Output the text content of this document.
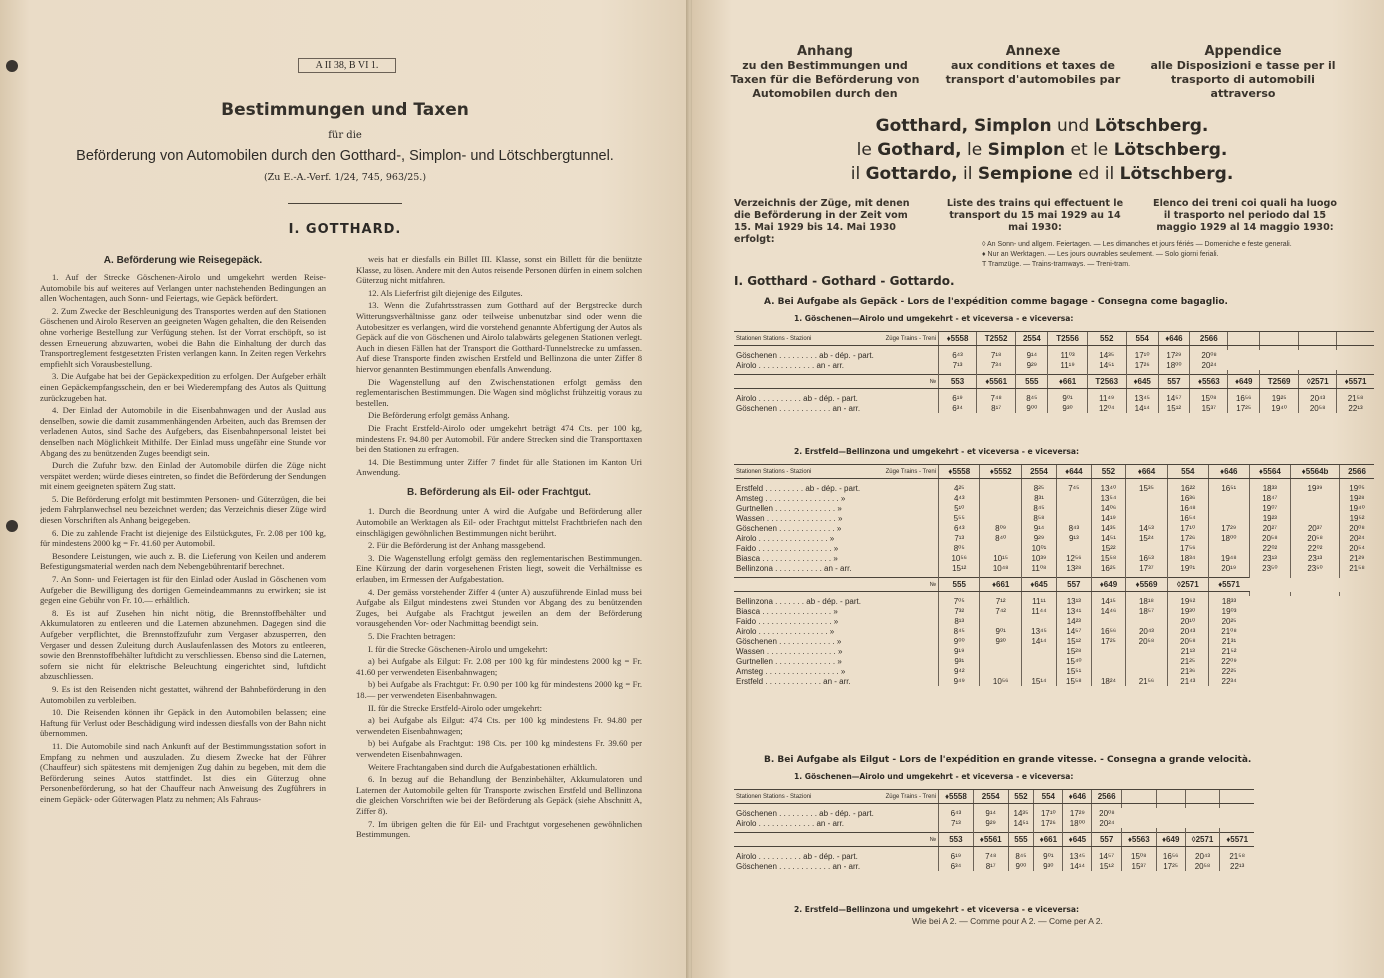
A II 38, B VI 1.
Bestimmungen und Taxen
für die
Beförderung von Automobilen durch den Gotthard-, Simplon- und Lötschbergtunnel.
(Zu E.-A.-Verf. 1/24, 745, 963/25.)
I. GOTTHARD.
A. Beförderung wie Reisegepäck.

1. Auf der Strecke Göschenen-Airolo und umgekehrt werden Reise-Automobile bis auf weiteres auf Verlangen unter nachstehenden Bedingungen an allen Wochentagen, auch Sonn- und Feiertags, wie Gepäck befördert.

2. Zum Zwecke der Beschleunigung des Transportes werden auf den Stationen Göschenen und Airolo Reserven an geeigneten Wagen gehalten, die den Reisenden ohne vorherige Bestellung zur Verfügung stehen. Ist der Vorrat erschöpft, so ist dessen Erneuerung abzuwarten, wobei die Bahn die Einhaltung der durch das Transportreglement festgesetzten Fristen verlangen kann. In Zeiten regen Verkehrs empfiehlt sich Vorausbestellung.

3. Die Aufgabe hat bei der Gepäckexpedition zu erfolgen. Der Aufgeber erhält einen Gepäckempfangsschein, den er bei Wiederempfang des Autos als Quittung zurückzugeben hat.

4. Der Einlad der Automobile in die Eisenbahnwagen und der Auslad aus denselben, sowie die damit zusammenhängenden Arbeiten, auch das Bremsen der verladenen Autos, sind Sache des Aufgebers, das Eisenbahnpersonal leistet bei denselben nach Möglichkeit Mithilfe. Der Einlad muss ungefähr eine Stunde vor Abgang des zu benützenden Zuges beendigt sein.

Durch die Zufuhr bzw. den Einlad der Automobile dürfen die Züge nicht verspätet werden; würde dieses eintreten, so findet die Beförderung der Sendungen mit einem geeigneten spätern Zug statt.

5. Die Beförderung erfolgt mit bestimmten Personen- und Güterzügen, die bei jedem Fahrplanwechsel neu bezeichnet werden; das Verzeichnis dieser Züge wird diesen Vorschriften als Anhang beigegeben.

6. Die zu zahlende Fracht ist diejenige des Eilstückgutes, Fr. 2.08 per 100 kg, für mindestens 2000 kg = Fr. 41.60 per Automobil.

Besondere Leistungen, wie auch z. B. die Lieferung von Keilen und anderem Befestigungsmaterial werden nach dem Nebengebührentarif berechnet.

7. An Sonn- und Feiertagen ist für den Einlad oder Auslad in Göschenen vom Aufgeber die Bewilligung des dortigen Gemeindeammanns zu erwirken; sie ist gegen eine Gebühr von Fr. 10.— erhältlich.

8. Es ist auf Zusehen hin nicht nötig, die Brennstoffbehälter und Akkumulatoren zu entleeren und die Laternen abzunehmen. Dagegen sind die Aufgeber verpflichtet, die Brennstoffzufuhr zum Vergaser abzusperren, den Vergaser und dessen Zuleitung durch Auslaufenlassen des Motors zu entleeren, sowie den Brennstoffbehälter luftdicht zu verschliessen. Ebenso sind die Laternen, sofern sie nicht für elektrische Beleuchtung eingerichtet sind, luftdicht abzuschliessen.

9. Es ist den Reisenden nicht gestattet, während der Bahnbeförderung in den Automobilen zu verbleiben.

10. Die Reisenden können ihr Gepäck in den Automobilen belassen; eine Haftung für Verlust oder Beschädigung wird indessen diesfalls von der Bahn nicht übernommen.

11. Die Automobile sind nach Ankunft auf der Bestimmungsstation sofort in Empfang zu nehmen und auszuladen. Zu diesem Zwecke hat der Führer (Chauffeur) sich spätestens mit demjenigen Zug dahin zu begeben, mit dem die Beförderung seines Autos stattfindet. Ist dies ein Güterzug ohne Personenbeförderung, so hat der Chauffeur nach Anweisung des Zugführers in einem Gepäck- oder Güterwagen Platz zu nehmen; Als Fahraus-

weis hat er diesfalls ein Billet III. Klasse, sonst ein Billett für die benützte Klasse, zu lösen. Andere mit den Autos reisende Personen dürfen in einem solchen Güterzug nicht mitfahren.

12. Als Lieferfrist gilt diejenige des Eilgutes.

13. Wenn die Zufahrtsstrassen zum Gotthard auf der Bergstrecke durch Witterungsverhältnisse ganz oder teilweise unbenutzbar sind oder wenn die Autobesitzer es verlangen, wird die vorstehend genannte Abfertigung der Autos als Gepäck auf die von Göschenen und Airolo talabwärts gelegenen Stationen verlegt. Auch in diesen Fällen hat der Transport die Gotthard-Tunnelstrecke zu umfassen. Auf diese Transporte finden zwischen Erstfeld und Bellinzona die unter Ziffer 8 hiervor genannten Bestimmungen ebenfalls Anwendung.

Die Wagenstellung auf den Zwischenstationen erfolgt gemäss den reglementarischen Bestimmungen. Die Wagen sind möglichst frühzeitig voraus zu bestellen.

Die Beförderung erfolgt gemäss Anhang.

Die Fracht Erstfeld-Airolo oder umgekehrt beträgt 474 Cts. per 100 kg, mindestens Fr. 94.80 per Automobil. Für andere Strecken sind die Transporttaxen bei den Stationen zu erfragen.

14. Die Bestimmung unter Ziffer 7 findet für alle Stationen im Kanton Uri Anwendung.

B. Beförderung als Eil- oder Frachtgut.

1. Durch die Beordnung unter A wird die Aufgabe und Beförderung aller Automobile an Werktagen als Eil- oder Frachtgut mittelst Frachtbriefen nach den einschlägigen gewöhnlichen Bestimmungen nicht berührt.

2. Für die Beförderung ist der Anhang massgebend.

3. Die Wagenstellung erfolgt gemäss den reglementarischen Bestimmungen. Eine Kürzung der darin vorgesehenen Fristen liegt, soweit die Verhältnisse es erlauben, im Ermessen der Aufgabestation.

4. Der gemäss vorstehender Ziffer 4 (unter A) auszuführende Einlad muss bei Aufgabe als Eilgut mindestens zwei Stunden vor Abgang des zu benützenden Zuges, bei Aufgabe als Frachtgut jeweilen an dem der Beförderung vorausgehenden Vor- oder Nachmittag beendigt sein.

5. Die Frachten betragen:

I. für die Strecke Göschenen-Airolo und umgekehrt:

a) bei Aufgabe als Eilgut: Fr. 2.08 per 100 kg für mindestens 2000 kg = Fr. 41.60 per verwendeten Eisenbahnwagen;

b) bei Aufgabe als Frachtgut: Fr. 0.90 per 100 kg für mindestens 2000 kg = Fr. 18.— per verwendeten Eisenbahnwagen.

II. für die Strecke Erstfeld-Airolo oder umgekehrt:

a) bei Aufgabe als Eilgut: 474 Cts. per 100 kg mindestens Fr. 94.80 per verwendeten Eisenbahnwagen;

b) bei Aufgabe als Frachtgut: 198 Cts. per 100 kg mindestens Fr. 39.60 per verwendeten Eisenbahnwagen.

Weitere Frachtangaben sind durch die Aufgabestationen erhältlich.

6. In bezug auf die Behandlung der Benzinbehälter, Akkumulatoren und Laternen der Automobile gelten für Transporte zwischen Erstfeld und Bellinzona die gleichen Vorschriften wie bei der Beförderung als Gepäck (siehe Abschnitt A, Ziffer 8).

7. Im übrigen gelten die für Eil- und Frachtgut vorgesehenen gewöhnlichen Bestimmungen.

Anhang
zu den Bestimmungen und Taxen für die Beförderung von Automobilen durch den
Annexe
aux conditions et taxes de transport d'automobiles par
Appendice
alle Disposizioni e tasse per il trasporto di automobili attraverso
Gotthard, Simplon und Lötschberg.
le Gothard, le Simplon et le Lötschberg.
il Gottardo, il Sempione ed il Lötschberg.
Verzeichnis der Züge, mit denen die Beförderung in der Zeit vom 15. Mai 1929 bis 14. Mai 1930 erfolgt:
Liste des trains qui effectuent le transport du 15 mai 1929 au 14 mai 1930:
Elenco dei treni coi quali ha luogo il trasporto nel periodo dal 15 maggio 1929 al 14 maggio 1930:
◊ An Sonn- und allgem. Feiertagen. — Les dimanches et jours fériés — Domeniche e feste generali.
♦ Nur an Werktagen. — Les jours ouvrables seulement. — Solo giorni feriali.
T Tramzüge. — Trains-tramways. — Treni-tram.
I. Gotthard - Gothard - Gottardo.
A. Bei Aufgabe als Gepäck - Lors de l'expédition comme bagage - Consegna come bagaglio.
1. Göschenen—Airolo und umgekehrt - et viceversa - e viceversa:
Züge Trains - Treni
Stationen Stations - Stazioni	♦5558	T2552	2554	T2556	552	554	♦646	2566				

Göschenen . . . . . . . . . ab - dép. - part.	6⁴³	7¹⁸	9¹⁴	11⁰³	14³⁵	17¹⁰	17²⁹	20⁰⁸				
Airolo . . . . . . . . . . . . . an - arr.	7¹³	7³⁴	9²⁹	11¹⁹	14⁵¹	17²⁶	18⁰⁰	20²⁴				

№	553	♦5561	555	♦661	T2563	♦645	557	♦5563	♦649	T2569	◊2571	♦5571

Airolo . . . . . . . . . . ab - dép. - part.	6¹⁹	7⁴⁸	8⁴⁵	9⁰¹	11⁴⁹	13⁴⁵	14⁵⁷	15⁰⁸	16⁵⁶	19²⁵	20⁴³	21⁵⁸
Göschenen . . . . . . . . . . . . an - arr.	6³⁴	8¹⁷	9⁰⁰	9³⁰	12⁰⁴	14¹⁴	15¹²	15³⁷	17²⁵	19⁴⁰	20⁵⁸	22¹³
2. Erstfeld—Bellinzona und umgekehrt - et viceversa - e viceversa:
Züge Trains - Treni
Stationen Stations - Stazioni	♦5558	♦5552	2554	♦644	552	♦664	554	♦646	♦5564	♦5564b	2566

Erstfeld . . . . . . . . . ab - dép. - part.	4²⁵		8²⁵	7⁴⁵	13⁴⁰	15³⁵	16²²	16⁵¹	18³³	19³⁹	19⁰⁵
Amsteg . . . . . . . . . . . . . . . . . »	4⁴³		8³¹		13⁵⁴		16³⁶		18⁴⁷		19²⁸
Gurtnellen . . . . . . . . . . . . . . »	5¹⁰		8⁴⁵		14⁰⁶		16⁴⁸		19⁰⁷		19⁴⁰
Wassen . . . . . . . . . . . . . . . . »	5⁵⁵		8⁵⁸		14¹⁹		16⁵⁴		19²³		19⁵²
Göschenen . . . . . . . . . . . . . »	6⁴³	8⁰⁹	9¹⁴	8⁴³	14³⁵	14⁵³	17¹⁰	17²⁹	20²⁷	20³⁷	20⁰⁸
Airolo . . . . . . . . . . . . . . . . »	7¹³	8⁴⁰	9²⁹	9¹³	14⁵¹	15²⁴	17²⁶	18⁰⁰	20⁵⁸	20⁵⁸	20²⁴
Faido . . . . . . . . . . . . . . . . . »	8⁰⁵		10⁰¹		15²²		17⁵⁶		22⁰²	22⁰²	20⁵⁴
Biasca . . . . . . . . . . . . . . . . »	10⁵⁶	10¹⁵	10³⁹	12⁵⁶	15⁵⁸	16⁵³	18³⁴	19⁴⁸	23¹³	23¹³	21²⁹
Bellinzona . . . . . . . . . . . an - arr.	15¹²	10⁴⁸	11⁰⁸	13²⁸	16²⁵	17³⁷	19⁰¹	20¹⁹	23⁵⁰	23⁵⁰	21⁵⁸

№	555	♦661	♦645	557	♦649	♦5569	◊2571	♦5571			

Bellinzona . . . . . . . ab - dép. - part.	7⁰⁵	7¹²	11¹¹	13¹³	14¹⁵	18¹⁸	19⁶²	18³³			
Biasca . . . . . . . . . . . . . . . . »	7³²	7⁴²	11⁴⁴	13⁴¹	14⁴⁶	18⁵⁷	19³⁰	19⁰³			
Faido . . . . . . . . . . . . . . . . . »	8¹³			14²³			20¹⁰	20²⁵			
Airolo . . . . . . . . . . . . . . . . »	8⁴⁵	9⁰¹	13⁴⁵	14⁵⁷	16⁵⁶	20⁴³	20⁴³	21⁰⁸			
Göschenen . . . . . . . . . . . . . »	9⁰⁰	9³⁰	14¹⁴	15¹²	17²⁵	20⁵⁸	20⁵⁸	21³¹			
Wassen . . . . . . . . . . . . . . . . »	9¹⁹			15²⁸			21¹³	21⁵²			
Gurtnellen . . . . . . . . . . . . . . »	9³¹			15⁴⁰			21²⁵	22⁰⁹			
Amsteg . . . . . . . . . . . . . . . . . »	9⁴²			15⁵¹			21³⁶	22²⁵			
Erstfeld . . . . . . . . . . . . . an - arr.	9⁴⁹	10⁵⁶	15¹⁴	15⁵⁸	18²⁴	21⁵⁶	21⁴³	22³⁴			
B. Bei Aufgabe als Eilgut - Lors de l'expédition en grande vitesse. - Consegna a grande velocità.
1. Göschenen—Airolo und umgekehrt - et viceversa - e viceversa:
Züge Trains - Treni
Stationen Stations - Stazioni	♦5558	2554	552	554	♦646	2566				

Göschenen . . . . . . . . . ab - dép. - part.	6⁴³	9¹⁴	14³⁵	17¹⁰	17²⁹	20⁰⁸				
Airolo . . . . . . . . . . . . . an - arr.	7¹³	9²⁹	14⁵¹	17²⁶	18⁰⁰	20²⁴				

№	553	♦5561	555	♦661	♦645	557	♦5563	♦649	◊2571	♦5571

Airolo . . . . . . . . . . ab - dép. - part.	6¹⁹	7⁴⁸	8⁴⁵	9⁰¹	13⁴⁵	14⁵⁷	15⁰⁸	16⁵⁶	20⁴³	21⁵⁸
Göschenen . . . . . . . . . . . . an - arr.	6³⁴	8¹⁷	9⁰⁰	9³⁰	14¹⁴	15¹²	15³⁷	17²⁵	20⁵⁸	22¹³
2. Erstfeld—Bellinzona und umgekehrt - et viceversa - e viceversa:
Wie bei A 2. — Comme pour A 2. — Come per A 2.
